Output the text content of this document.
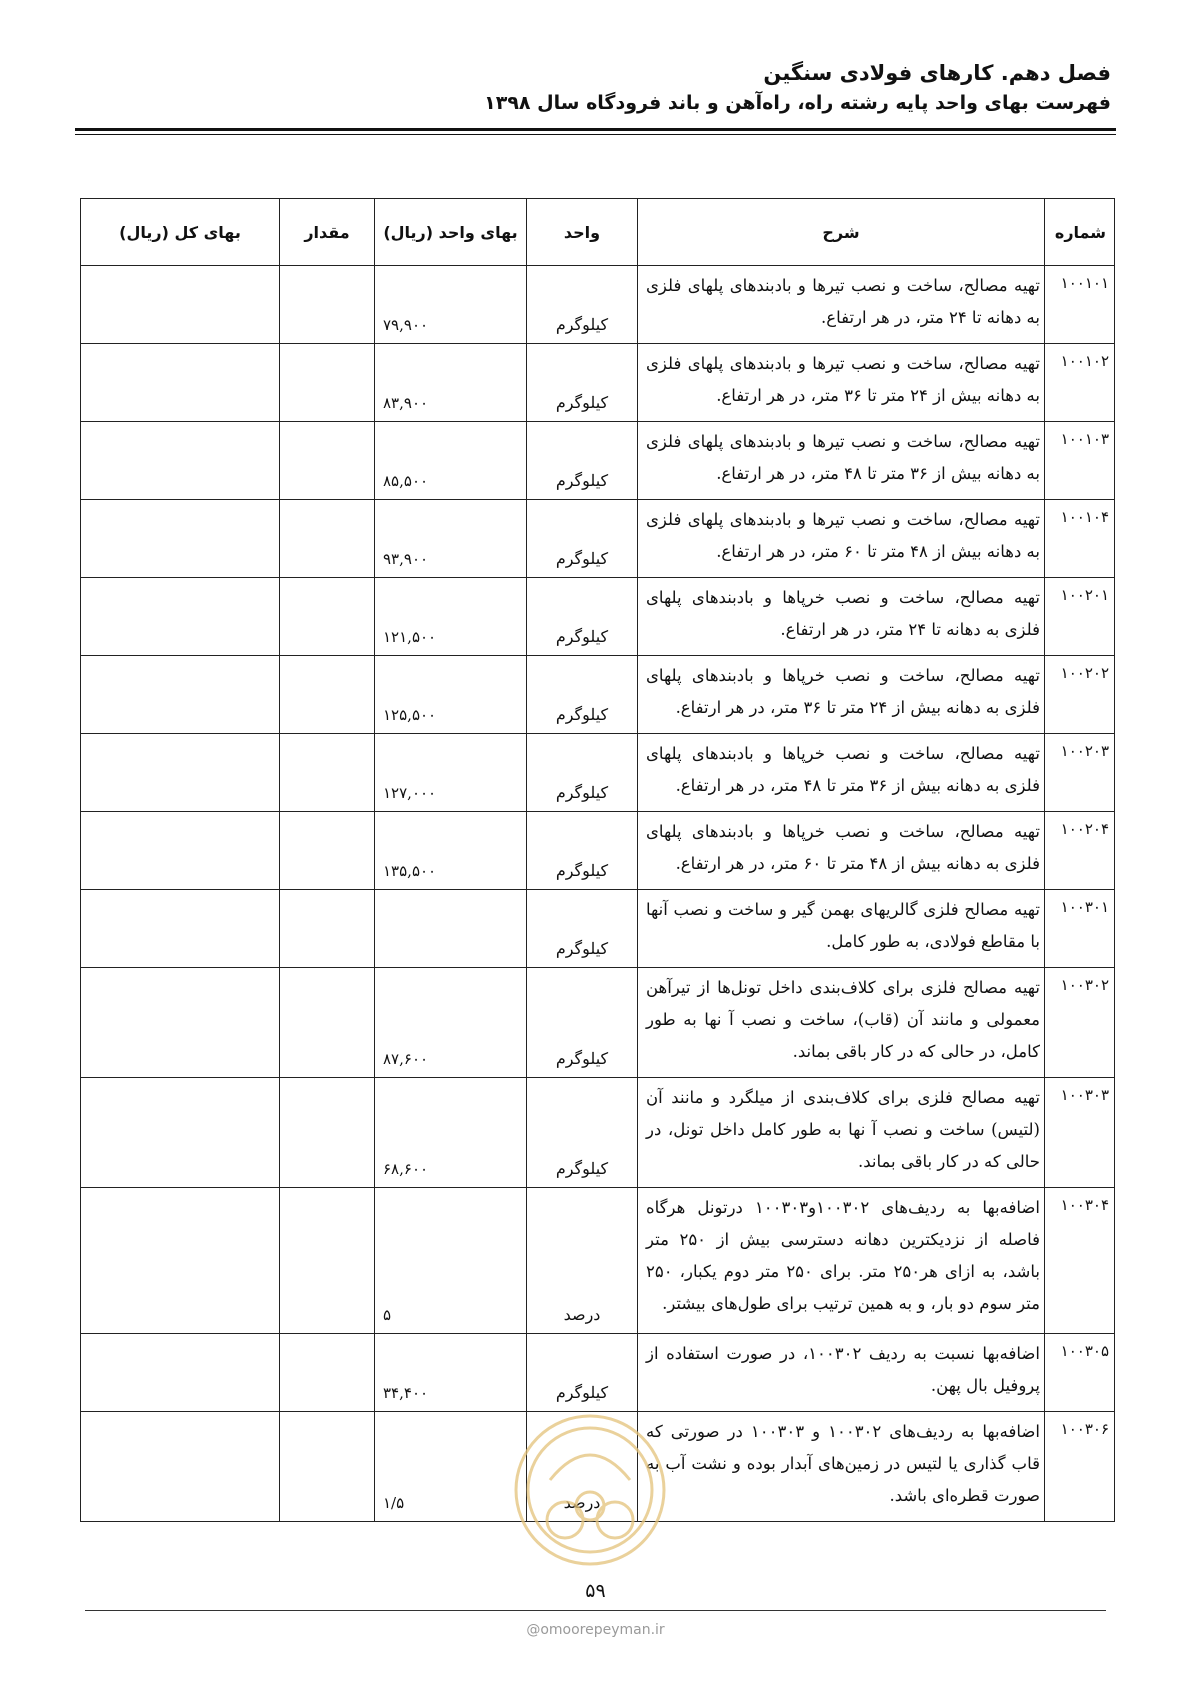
فصل دهم. کارهای فولادی سنگین
فهرست بهای واحد پایه رشته راه، راه‌آهن و باند فرودگاه سال ۱۳۹۸
شماره	شرح	واحد	بهای واحد (ریال)	مقدار	بهای کل (ریال)
۱۰۰۱۰۱	تهیه مصالح، ساخت و نصب تیرها و بادبندهای پلهای فلزی به دهانه تا ۲۴ متر، در هر ارتفاع.	کیلوگرم	۷۹,۹۰۰		
۱۰۰۱۰۲	تهیه مصالح، ساخت و نصب تیرها و بادبندهای پلهای فلزی به دهانه بیش از ۲۴ متر تا ۳۶ متر، در هر ارتفاع.	کیلوگرم	۸۳,۹۰۰		
۱۰۰۱۰۳	تهیه مصالح، ساخت و نصب تیرها و بادبندهای پلهای فلزی به دهانه بیش از ۳۶ متر تا ۴۸ متر، در هر ارتفاع.	کیلوگرم	۸۵,۵۰۰		
۱۰۰۱۰۴	تهیه مصالح، ساخت و نصب تیرها و بادبندهای پلهای فلزی به دهانه بیش از ۴۸ متر تا ۶۰ متر، در هر ارتفاع.	کیلوگرم	۹۳,۹۰۰		
۱۰۰۲۰۱	تهیه مصالح، ساخت و نصب خرپاها و بادبندهای پلهای فلزی به دهانه تا ۲۴ متر، در هر ارتفاع.	کیلوگرم	۱۲۱,۵۰۰		
۱۰۰۲۰۲	تهیه مصالح، ساخت و نصب خرپاها و بادبندهای پلهای فلزی به دهانه بیش از ۲۴ متر تا ۳۶ متر، در هر ارتفاع.	کیلوگرم	۱۲۵,۵۰۰		
۱۰۰۲۰۳	تهیه مصالح، ساخت و نصب خرپاها و بادبندهای پلهای فلزی به دهانه بیش از ۳۶ متر تا ۴۸ متر، در هر ارتفاع.	کیلوگرم	۱۲۷,۰۰۰		
۱۰۰۲۰۴	تهیه مصالح، ساخت و نصب خرپاها و بادبندهای پلهای فلزی به دهانه بیش از ۴۸ متر تا ۶۰ متر، در هر ارتفاع.	کیلوگرم	۱۳۵,۵۰۰		
۱۰۰۳۰۱	تهیه مصالح فلزی گالریهای بهمن گیر و ساخت و نصب آنها با مقاطع فولادی، به طور کامل.	کیلوگرم			
۱۰۰۳۰۲	تهیه مصالح فلزی برای کلاف‌بندی داخل تونل‌ها از تیرآهن معمولی و مانند آن (قاب)، ساخت و نصب آ نها به طور کامل، در حالی که در کار باقی بماند.	کیلوگرم	۸۷,۶۰۰		
۱۰۰۳۰۳	تهیه مصالح فلزی برای کلاف‌بندی از میلگرد و مانند آن (لتیس) ساخت و نصب آ نها به طور کامل داخل تونل، در حالی که در کار باقی بماند.	کیلوگرم	۶۸,۶۰۰		
۱۰۰۳۰۴	اضافه‌بها به ردیف‌های ۱۰۰۳۰۲و۱۰۰۳۰۳ درتونل هرگاه فاصله از نزدیکترین دهانه دسترسی بیش از ۲۵۰ متر باشد، به ازای هر۲۵۰ متر. برای ۲۵۰ متر دوم یکبار، ۲۵۰ متر سوم دو بار، و به همین ترتیب برای طول‌های بیشتر.	درصد	۵		
۱۰۰۳۰۵	اضافه‌بها نسبت به ردیف ۱۰۰۳۰۲، در صورت استفاده از پروفیل بال پهن.	کیلوگرم	۳۴,۴۰۰		
۱۰۰۳۰۶	اضافه‌بها به ردیف‌های ۱۰۰۳۰۲ و ۱۰۰۳۰۳ در صورتی که قاب گذاری یا لتیس در زمین‌های آبدار بوده و نشت آب به صورت قطره‌ای باشد.	درصد	۱/۵		
۵۹
@omoorepeyman.ir
